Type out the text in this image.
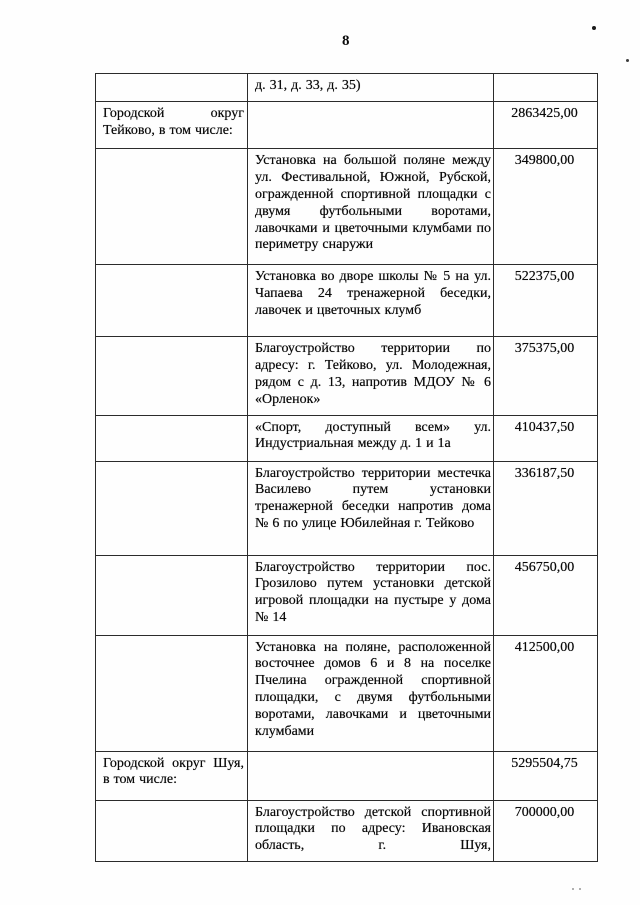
8
	д. 31, д. 33, д. 35)	
Городской округ Тейково, в том числе:		2863425,00
	Установка на большой поляне между ул. Фестивальной, Южной, Рубской, огражденной спортивной площадки с двумя футбольными воротами, лавочками и цветочными клумбами по периметру снаружи	349800,00
	Установка во дворе школы № 5 на ул. Чапаева 24 тренажерной беседки, лавочек и цветочных клумб	522375,00
	Благоустройство территории по адресу: г. Тейково, ул. Молодежная, рядом с д. 13, напротив МДОУ № 6 «Орленок»	375375,00
	«Спорт, доступный всем» ул. Индустриальная между д. 1 и 1а	410437,50
	Благоустройство территории местечка Василево путем установки тренажерной беседки напротив дома № 6 по улице Юбилейная г. Тейково	336187,50
	Благоустройство территории пос. Грозилово путем установки детской игровой площадки на пустыре у дома № 14	456750,00
	Установка на поляне, расположенной восточнее домов 6 и 8 на поселке Пчелина огражденной спортивной площадки, с двумя футбольными воротами, лавочками и цветочными клумбами	412500,00
Городской округ Шуя, в том числе:		5295504,75
	Благоустройство детской спортивной площадки по адресу: Ивановская область, г. Шуя,	700000,00
